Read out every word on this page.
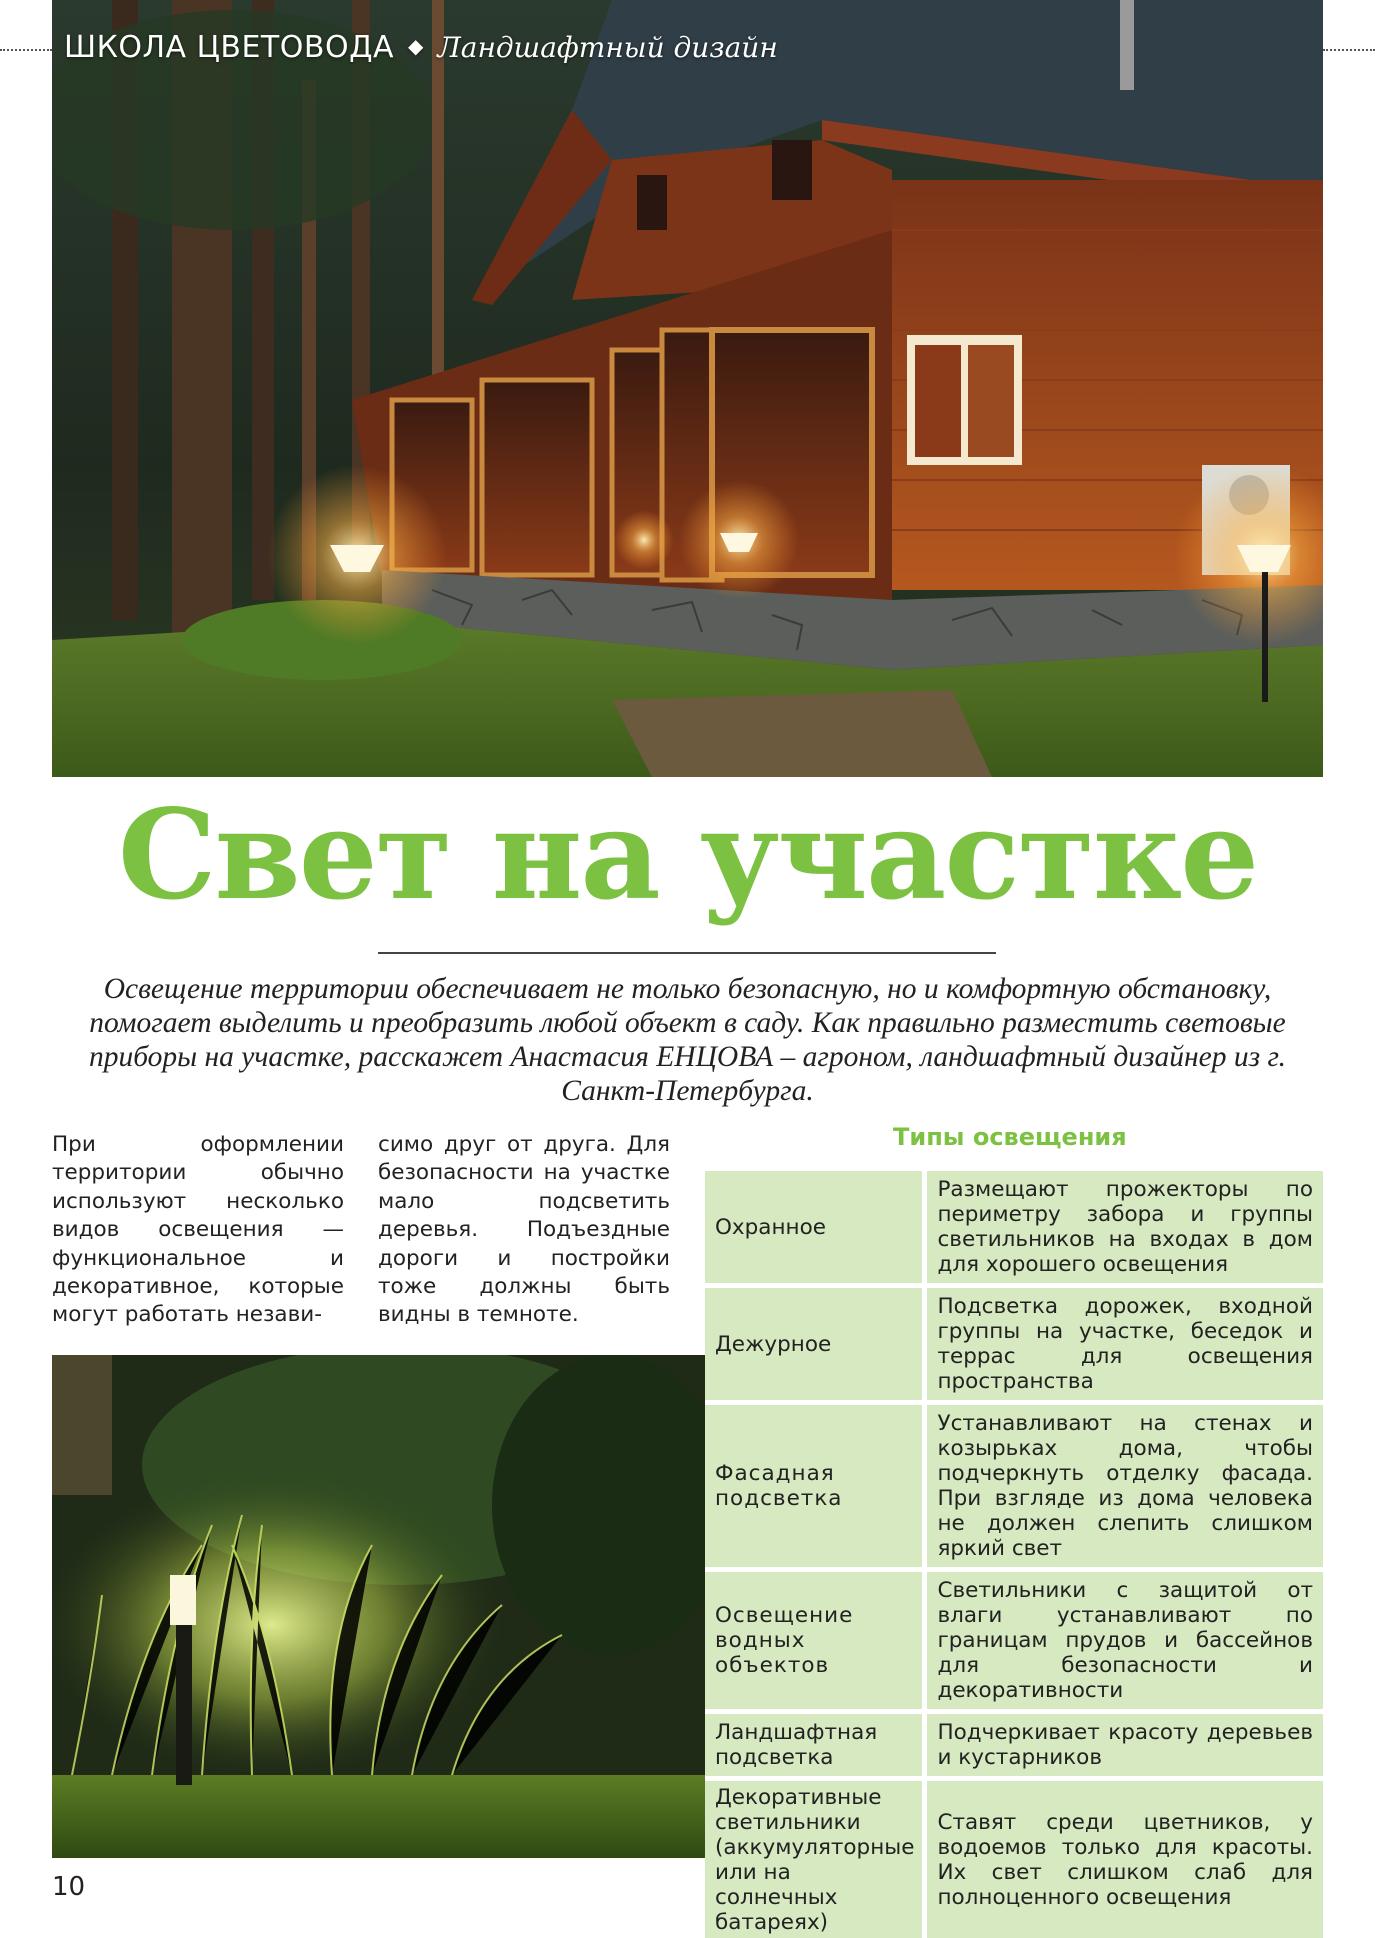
ШКОЛА ЦВЕТОВОДА ◆ Ландшафтный дизайн
Свет на участке

Освещение территории обеспечивает не только безопасную, но и комфортную обстановку, помогает выделить и преобразить любой объект в саду. Как правильно разместить световые приборы на участке, расскажет Анастасия ЕНЦОВА – агроном, ландшафтный дизайнер из г. Санкт-Петербурга.

При оформлении территории обычно используют несколько видов освещения — функциональное и декоративное, которые могут работать незави-

симо друг от друга. Для безопасности на участке мало подсветить деревья. Подъездные дороги и постройки тоже должны быть видны в темноте.

Типы освещения
Охранное	Размещают прожекторы по периметру забора и группы светильников на входах в дом для хорошего освещения
Дежурное	Подсветка дорожек, входной группы на участке, беседок и террас для освещения пространства
Фасадная подсветка	Устанавливают на стенах и козырьках дома, чтобы подчеркнуть отделку фасада. При взгляде из дома человека не должен слепить слишком яркий свет
Освещение водных объектов	Светильники с защитой от влаги устанавливают по границам прудов и бассейнов для безопасности и декоративности
Ландшафтная подсветка	Подчеркивает красоту деревьев и кустарников
Декоративные светильники (аккумуляторные или на солнечных батареях)	Ставят среди цветников, у водоемов только для красоты. Их свет слишком слаб для полноценного освещения
10
